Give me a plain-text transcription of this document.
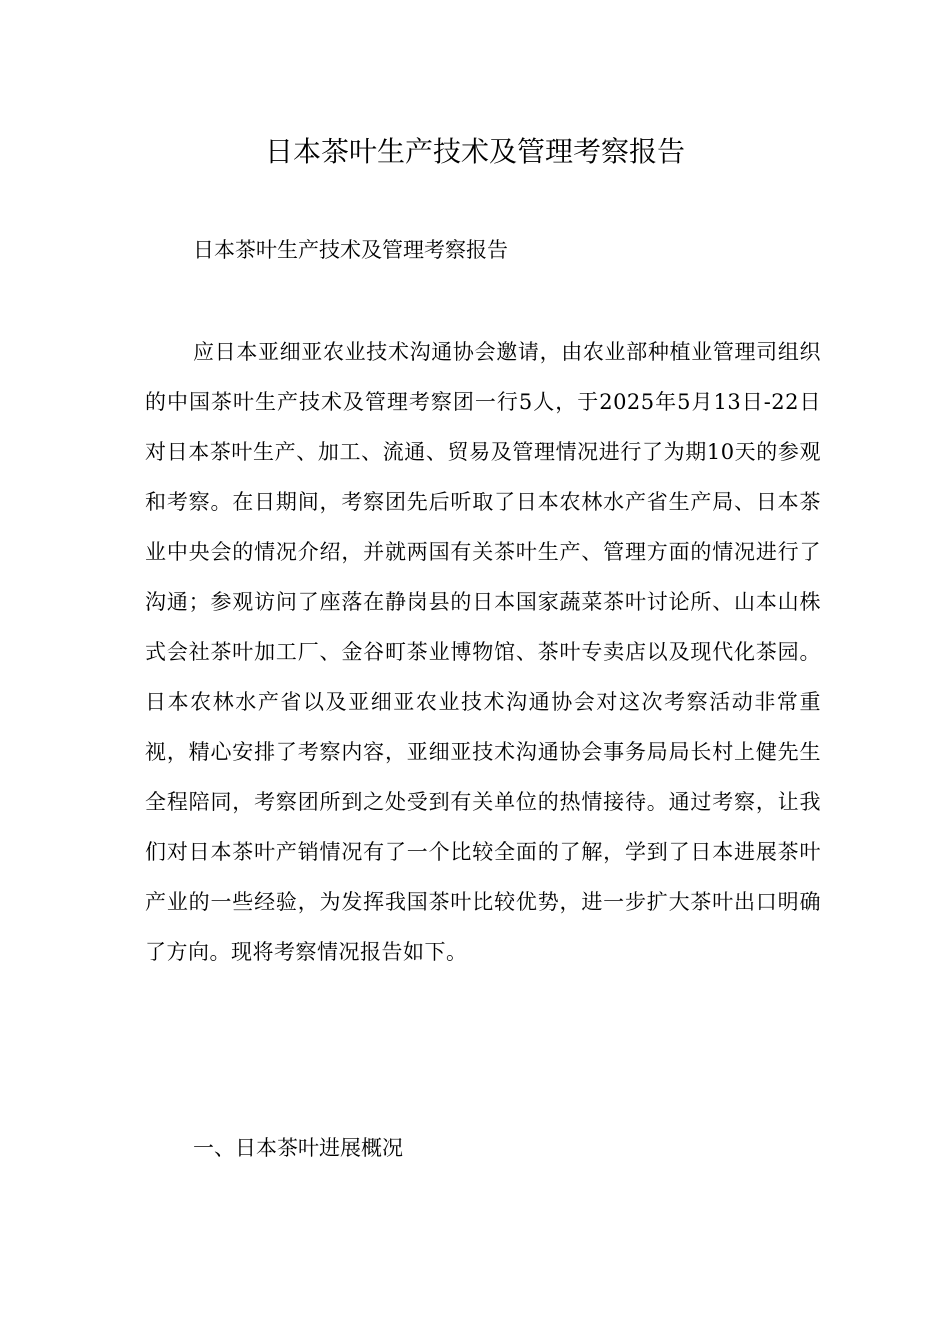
日本茶叶生产技术及管理考察报告

日本茶叶生产技术及管理考察报告

应日本亚细亚农业技术沟通协会邀请，由农业部种植业管理司组织的中国茶叶生产技术及管理考察团一行5人，于2025年5月13日-22日对日本茶叶生产、加工、流通、贸易及管理情况进行了为期10天的参观和考察。在日期间，考察团先后听取了日本农林水产省生产局、日本茶业中央会的情况介绍，并就两国有关茶叶生产、管理方面的情况进行了沟通；参观访问了座落在静岗县的日本国家蔬菜茶叶讨论所、山本山株式会社茶叶加工厂、金谷町茶业博物馆、茶叶专卖店以及现代化茶园。日本农林水产省以及亚细亚农业技术沟通协会对这次考察活动非常重视，精心安排了考察内容，亚细亚技术沟通协会事务局局长村上健先生全程陪同，考察团所到之处受到有关单位的热情接待。通过考察，让我们对日本茶叶产销情况有了一个比较全面的了解，学到了日本进展茶叶产业的一些经验，为发挥我国茶叶比较优势，进一步扩大茶叶出口明确了方向。现将考察情况报告如下。

一、日本茶叶进展概况
